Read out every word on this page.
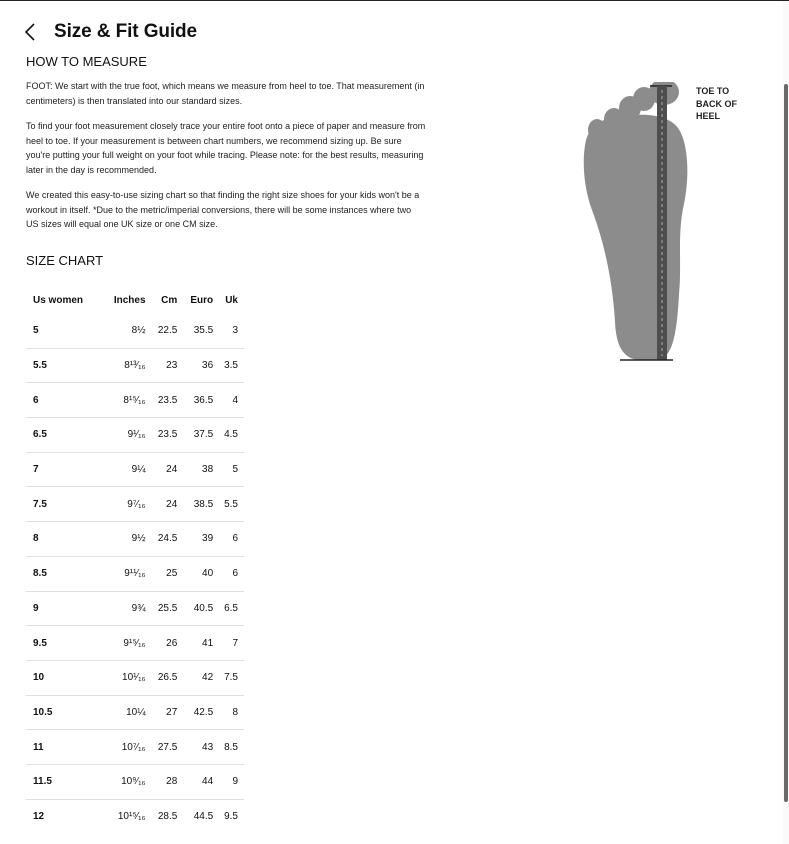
Size & Fit Guide
HOW TO MEASURE

FOOT: We start with the true foot, which means we measure from heel to toe. That measurement (in centimeters) is then translated into our standard sizes.

To find your foot measurement closely trace your entire foot onto a piece of paper and measure from heel to toe. If your measurement is between chart numbers, we recommend sizing up. Be sure you're putting your full weight on your foot while tracing. Please note: for the best results, measuring later in the day is recommended.

We created this easy-to-use sizing chart so that finding the right size shoes for your kids won't be a workout in itself. *Due to the metric/imperial conversions, there will be some instances where two US sizes will equal one UK size or one CM size.

SIZE CHART
Us women	Inches	Cm	Euro	Uk
5	8½	22.5	35.5	3
5.5	8¹³⁄₁₆	23	36	3.5
6	8¹⁵⁄₁₆	23.5	36.5	4
6.5	9¹⁄₁₆	23.5	37.5	4.5
7	9¼	24	38	5
7.5	9⁷⁄₁₆	24	38.5	5.5
8	9½	24.5	39	6
8.5	9¹¹⁄₁₆	25	40	6
9	9¾	25.5	40.5	6.5
9.5	9¹⁵⁄₁₆	26	41	7
10	10¹⁄₁₆	26.5	42	7.5
10.5	10¼	27	42.5	8
11	10⁷⁄₁₆	27.5	43	8.5
11.5	10⁹⁄₁₆	28	44	9
12	10¹⁵⁄₁₆	28.5	44.5	9.5
TOE TO BACK OF HEEL
